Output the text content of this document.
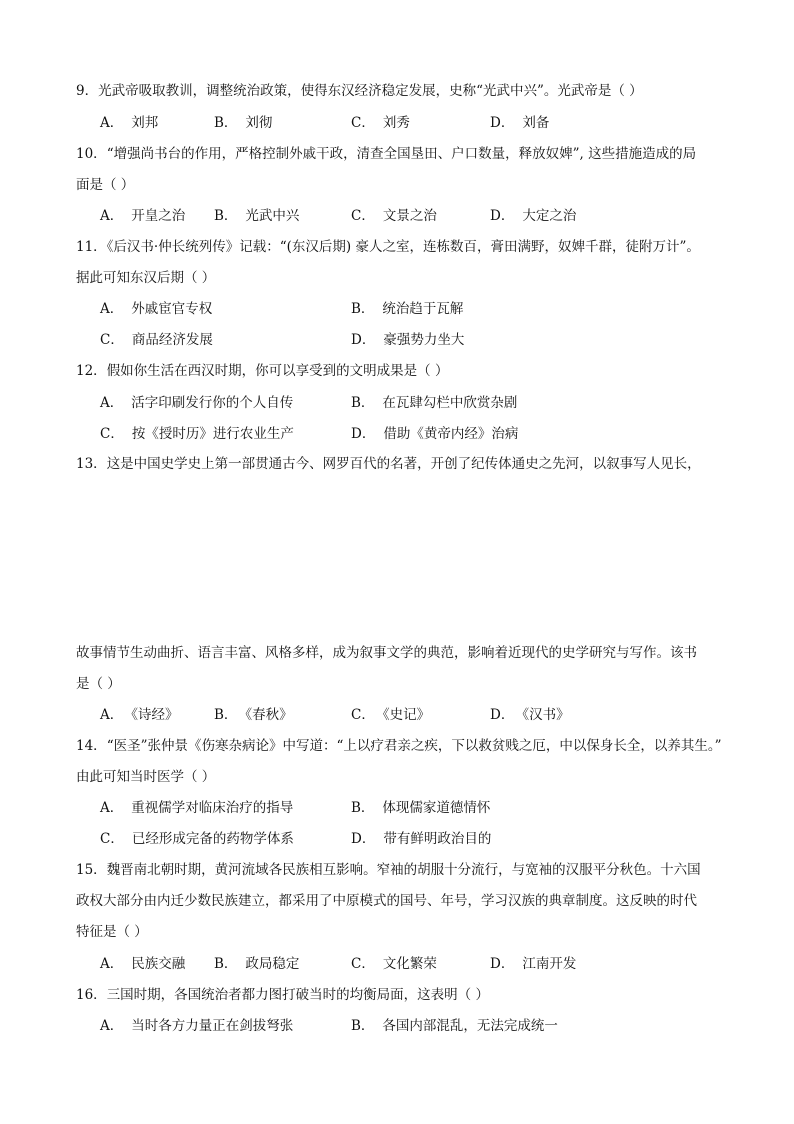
9．光武帝吸取教训，调整统治政策，使得东汉经济稳定发展，史称“光武中兴”。光武帝是（ ）
A． 刘邦	B． 刘彻	C． 刘秀	D． 刘备
10．“增强尚书台的作用，严格控制外戚干政，清查全国垦田、户口数量，释放奴婢”, 这些措施造成的局
面是（ ）
A． 开皇之治 B． 光武中兴	C． 文景之治	D． 大定之治
11．《后汉书·仲长统列传》记载：“(东汉后期) 豪人之室，连栋数百，膏田满野，奴婢千群，徒附万计”。
据此可知东汉后期（ ）
A． 外戚宦官专权	B． 统治趋于瓦解
C． 商品经济发展	D． 豪强势力坐大
12．假如你生活在西汉时期，你可以享受到的文明成果是（ ）
A． 活字印刷发行你的个人自传	B． 在瓦肆勾栏中欣赏杂剧
C． 按《授时历》进行农业生产	D． 借助《黄帝内经》治病
13．这是中国史学史上第一部贯通古今、网罗百代的名著，开创了纪传体通史之先河，以叙事写人见长，
故事情节生动曲折、语言丰富、风格多样，成为叙事文学的典范，影响着近现代的史学研究与写作。该书
是（ ）
A． 《诗经》	B． 《春秋》	C． 《史记》	D． 《汉书》
14．“医圣”张仲景《伤寒杂病论》中写道：“上以疗君亲之疾，下以救贫贱之厄，中以保身长全，以养其生。”
由此可知当时医学（ ）
A． 重视儒学对临床治疗的指导	B． 体现儒家道德情怀
C． 已经形成完备的药物学体系	D． 带有鲜明政治目的
15．魏晋南北朝时期，黄河流域各民族相互影响。窄袖的胡服十分流行，与宽袖的汉服平分秋色。十六国
政权大部分由内迁少数民族建立，都采用了中原模式的国号、年号，学习汉族的典章制度。这反映的时代
特征是（ ）
A． 民族交融 B． 政局稳定	C． 文化繁荣	D． 江南开发
16．三国时期，各国统治者都力图打破当时的均衡局面，这表明（ ）
A． 当时各方力量正在剑拔弩张	B． 各国内部混乱，无法完成统一
